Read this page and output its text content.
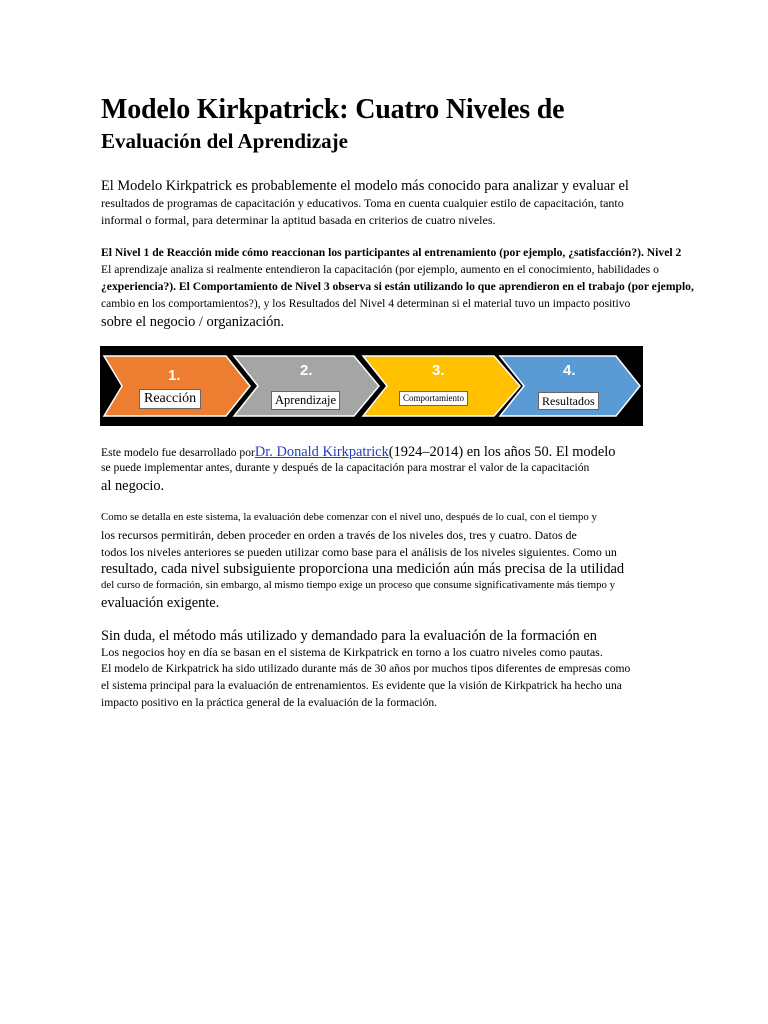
Modelo Kirkpatrick: Cuatro Niveles de
Evaluación del Aprendizaje
El Modelo Kirkpatrick es probablemente el modelo más conocido para analizar y evaluar el
resultados de programas de capacitación y educativos. Toma en cuenta cualquier estilo de capacitación, tanto
informal o formal, para determinar la aptitud basada en criterios de cuatro niveles.
El Nivel 1 de Reacción mide cómo reaccionan los participantes al entrenamiento (por ejemplo, ¿satisfacción?). Nivel 2
El aprendizaje analiza si realmente entendieron la capacitación (por ejemplo, aumento en el conocimiento, habilidades o
¿experiencia?). El Comportamiento de Nivel 3 observa si están utilizando lo que aprendieron en el trabajo (por ejemplo,
cambio en los comportamientos?), y los Resultados del Nivel 4 determinan si el material tuvo un impacto positivo
sobre el negocio / organización.
1.	2.	3.	4.
Reacción	Aprendizaje	Comportamiento	Resultados
Este modelo fue desarrollado porDr. Donald Kirkpatrick(1924–2014) en los años 50. El modelo
se puede implementar antes, durante y después de la capacitación para mostrar el valor de la capacitación
al negocio.
Como se detalla en este sistema, la evaluación debe comenzar con el nivel uno, después de lo cual, con el tiempo y
los recursos permitirán, deben proceder en orden a través de los niveles dos, tres y cuatro. Datos de
todos los niveles anteriores se pueden utilizar como base para el análisis de los niveles siguientes. Como un
resultado, cada nivel subsiguiente proporciona una medición aún más precisa de la utilidad
del curso de formación, sin embargo, al mismo tiempo exige un proceso que consume significativamente más tiempo y
evaluación exigente.
Sin duda, el método más utilizado y demandado para la evaluación de la formación en
Los negocios hoy en día se basan en el sistema de Kirkpatrick en torno a los cuatro niveles como pautas.
El modelo de Kirkpatrick ha sido utilizado durante más de 30 años por muchos tipos diferentes de empresas como
el sistema principal para la evaluación de entrenamientos. Es evidente que la visión de Kirkpatrick ha hecho una
impacto positivo en la práctica general de la evaluación de la formación.
